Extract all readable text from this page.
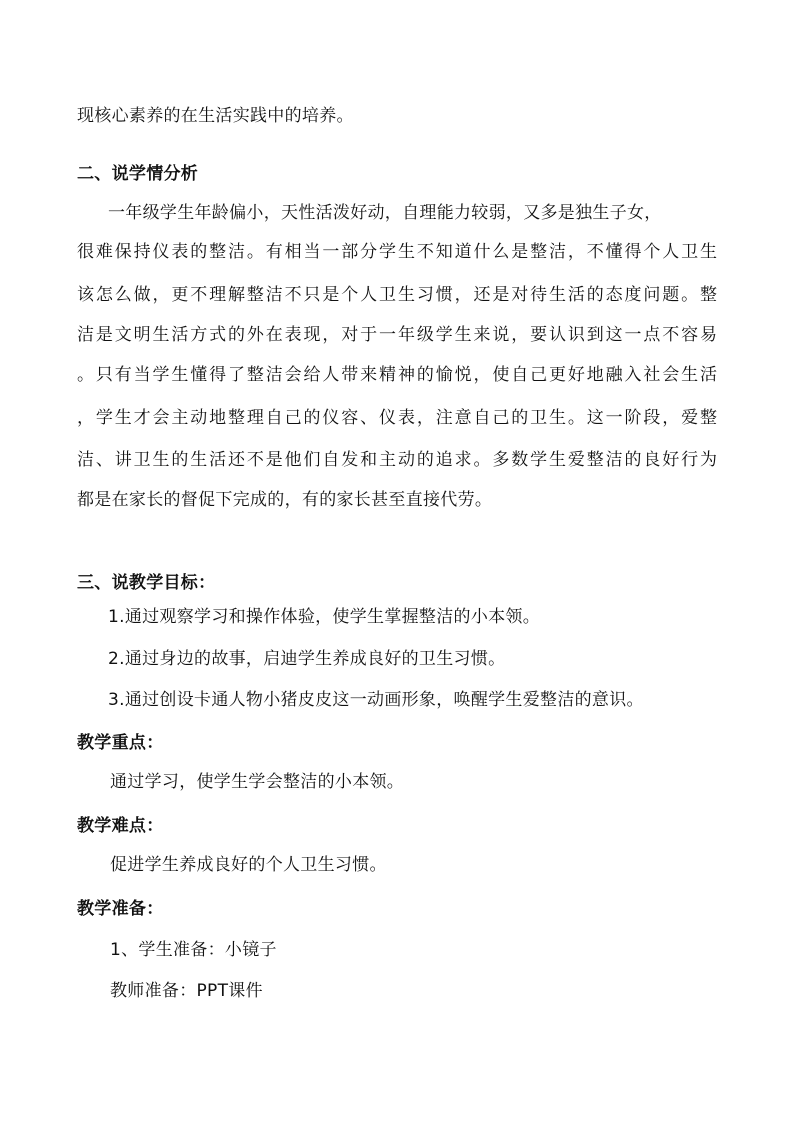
现核心素养的在生活实践中的培养。
二、说学情分析
一年级学生年龄偏小，天性活泼好动，自理能力较弱，又多是独生子女，
很难保持仪表的整洁。有相当一部分学生不知道什么是整洁，不懂得个人卫生
该怎么做，更不理解整洁不只是个人卫生习惯，还是对待生活的态度问题。整
洁是文明生活方式的外在表现，对于一年级学生来说，要认识到这一点不容易
。只有当学生懂得了整洁会给人带来精神的愉悦，使自己更好地融入社会生活
，学生才会主动地整理自己的仪容、仪表，注意自己的卫生。这一阶段，爱整
洁、讲卫生的生活还不是他们自发和主动的追求。多数学生爱整洁的良好行为
都是在家长的督促下完成的，有的家长甚至直接代劳。
三、说教学目标：
1.通过观察学习和操作体验，使学生掌握整洁的小本领。
2.通过身边的故事，启迪学生养成良好的卫生习惯。
3.通过创设卡通人物小猪皮皮这一动画形象，唤醒学生爱整洁的意识。
教学重点：
通过学习，使学生学会整洁的小本领。
教学难点：
促进学生养成良好的个人卫生习惯。
教学准备：
1、学生准备：小镜子
教师准备：PPT课件
